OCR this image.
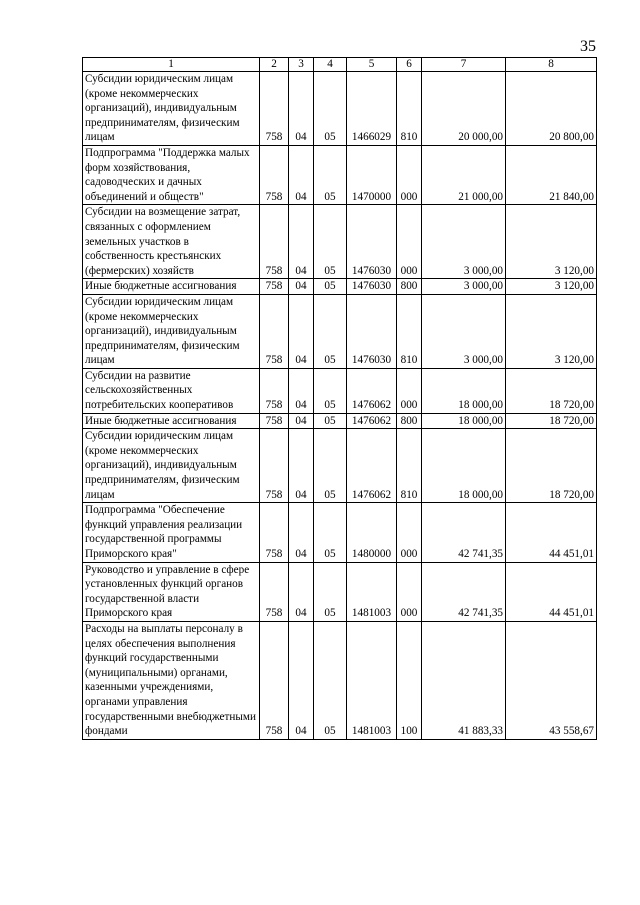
35
1	2	3	4	5	6	7	8
Субсидии юридическим лицам (кроме некоммерческих организаций), индивидуальным предпринимателям, физическим лицам	758	04	05	1466029	810	20 000,00	20 800,00
Подпрограмма "Поддержка малых форм хозяйствования, садоводческих и дачных объединений и обществ"	758	04	05	1470000	000	21 000,00	21 840,00
Субсидии на возмещение затрат, связанных с оформлением земельных участков в собственность крестьянских (фермерских) хозяйств	758	04	05	1476030	000	3 000,00	3 120,00
Иные бюджетные ассигнования	758	04	05	1476030	800	3 000,00	3 120,00
Субсидии юридическим лицам (кроме некоммерческих организаций), индивидуальным предпринимателям, физическим лицам	758	04	05	1476030	810	3 000,00	3 120,00
Субсидии на развитие сельскохозяйственных потребительских кооперативов	758	04	05	1476062	000	18 000,00	18 720,00
Иные бюджетные ассигнования	758	04	05	1476062	800	18 000,00	18 720,00
Субсидии юридическим лицам (кроме некоммерческих организаций), индивидуальным предпринимателям, физическим лицам	758	04	05	1476062	810	18 000,00	18 720,00
Подпрограмма "Обеспечение функций управления реализации государственной программы Приморского края"	758	04	05	1480000	000	42 741,35	44 451,01
Руководство и управление в сфере установленных функций органов государственной власти Приморского края	758	04	05	1481003	000	42 741,35	44 451,01
Расходы на выплаты персоналу в целях обеспечения выполнения функций государственными (муниципальными) органами, казенными учреждениями, органами управления государственными внебюджетными фондами	758	04	05	1481003	100	41 883,33	43 558,67
